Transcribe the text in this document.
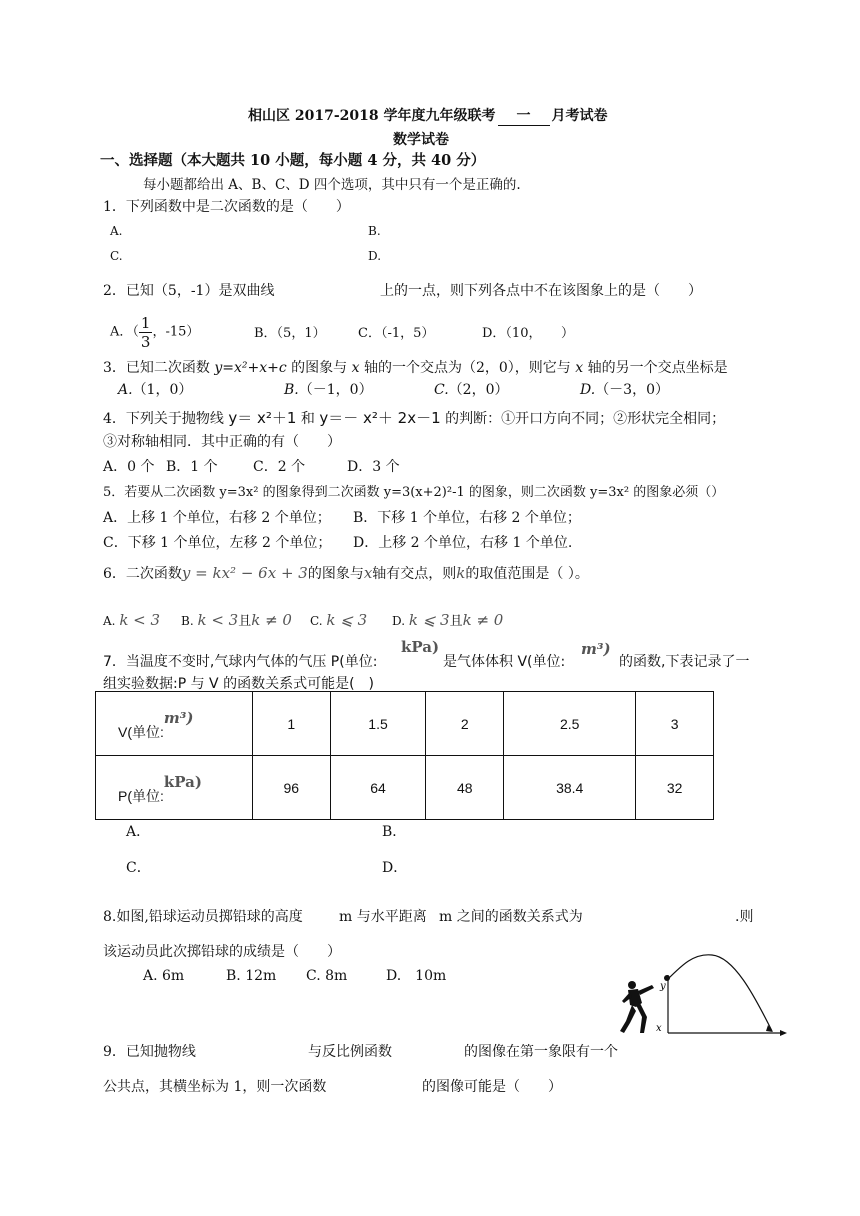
相山区 2017-2018 学年度九年级联考 一 月考试卷
数学试卷
一、选择题（本大题共 10 小题，每小题 4 分，共 40 分）
每小题都给出 A、B、C、D 四个选项，其中只有一个是正确的.
1．下列函数中是二次函数的是（　　）
A.	B.
C.	D.
2．已知（5，-1）是双曲线	上的一点，则下列各点中不在该图象上的是（　　）
A．（ $\frac{1}{3}$ ，-15）	B．（5，1） C．（-1，5）	D．（10，　　）
3．已知二次函数 y=x²+x+c 的图象与 x 轴的一个交点为（2，0），则它与 x 轴的另一个交点坐标是
A.（1，0）	B.（－1，0）	C.（2，0）	D.（－3，0）
4．下列关于抛物线 y＝ x²＋1 和 y＝－ x²＋ 2x－1 的判断：①开口方向不同；②形状完全相同；
③对称轴相同．其中正确的有（　　）
A．0 个 B．1 个	C．2 个	D．3 个
5．若要从二次函数 y=3x² 的图象得到二次函数 y=3(x+2)²-1 的图象，则二次函数 y=3x² 的图象必须（）
A．上移 1 个单位，右移 2 个单位； B．下移 1 个单位，右移 2 个单位；
C．下移 1 个单位，左移 2 个单位； D．上移 2 个单位，右移 1 个单位.
6．二次函数y = kx² − 6x + 3的图象与x轴有交点，则k的取值范围是（ ）。
A. k < 3 B. k < 3且k ≠ 0 C. k ⩽ 3 D. k ⩽ 3且k ≠ 0
7．当温度不变时,气球内气体的气压 P(单位:
kPa)
是气体体积 V(单位:
m³)
的函数,下表记录了一
组实验数据:P 与 V 的函数关系式可能是(　)
V(单位:m³)	1	1.5	2	2.5	3
P(单位:kPa)	96	64	48	38.4	32
A．	B．
C．	D．
8.如图,铅球运动员掷铅球的高度	m 与水平距离 m 之间的函数关系式为	.则
该运动员此次掷铅球的成绩是（　　）
A. 6m	B. 12m C. 8m	D.　10m
y
x
9．已知抛物线	与反比例函数	的图像在第一象限有一个
公共点，其横坐标为 1，则一次函数	的图像可能是（　　）
